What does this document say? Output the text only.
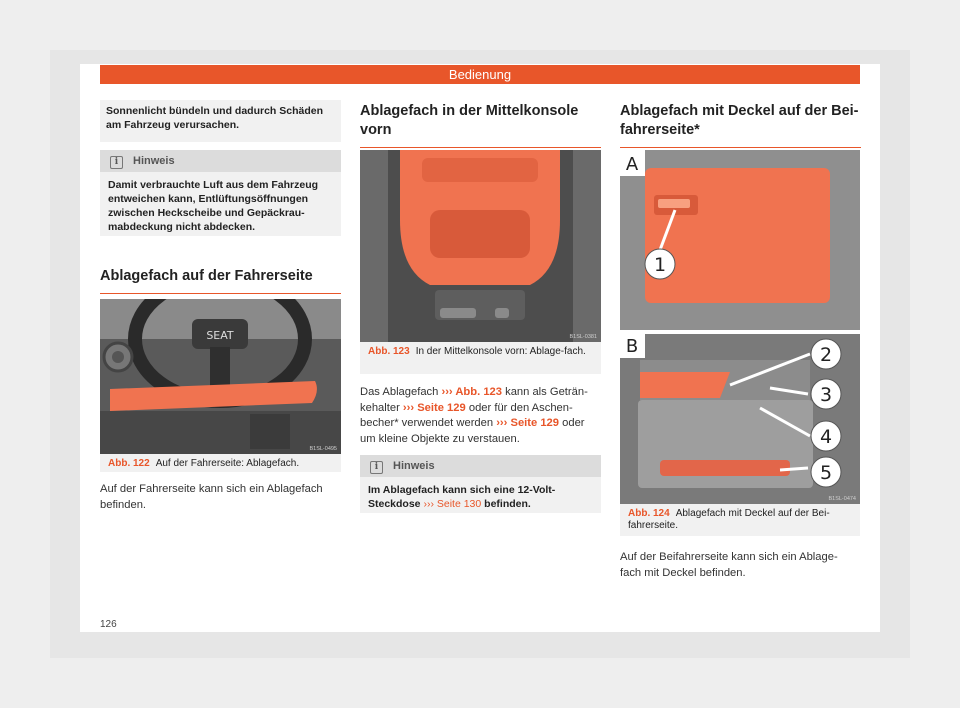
Bedienung
Sonnenlicht bündeln und dadurch Schäden am Fahrzeug verursachen.
i Hinweis
Damit verbrauchte Luft aus dem Fahrzeug entweichen kann, Entlüftungsöffnungen zwischen Heckscheibe und Gepäckrau-mabdeckung nicht abdecken.
Ablagefach auf der Fahrerseite
SEAT
B1SL-0495
Abb. 122 Auf der Fahrerseite: Ablagefach.
Auf der Fahrerseite kann sich ein Ablagefach befinden.
Ablagefach in der Mittelkonsole vorn
B1SL-0381
Abb. 123 In der Mittelkonsole vorn: Ablage-fach.
Das Ablagefach ››› Abb. 123 kann als Geträn-kehalter ››› Seite 129 oder für den Aschen-becher* verwendet werden ››› Seite 129 oder um kleine Objekte zu verstauen.
i Hinweis
Im Ablagefach kann sich eine 12-Volt-Steckdose ››› Seite 130 befinden.
Ablagefach mit Deckel auf der Bei-fahrerseite*
1
A
B	2
3
4
5
B1SL-0474
Abb. 124 Ablagefach mit Deckel auf der Bei-fahrerseite.
Auf der Beifahrerseite kann sich ein Ablage-fach mit Deckel befinden.
126
